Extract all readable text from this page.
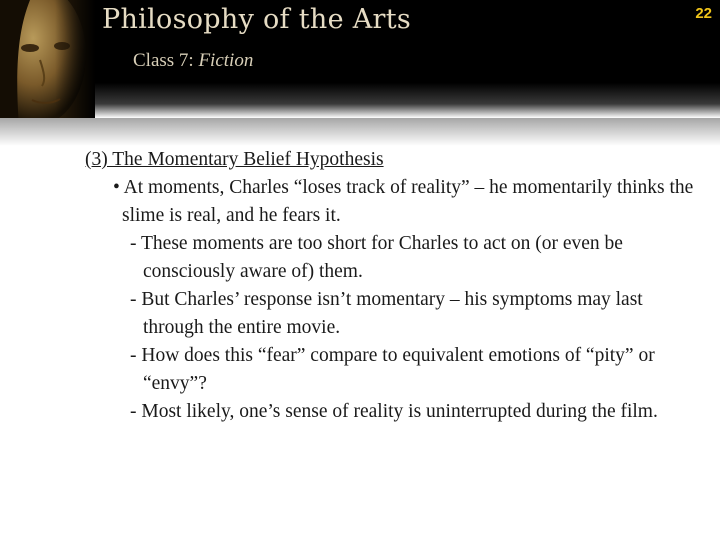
Philosophy of the Arts
Class 7: Fiction
22
(3) The Momentary Belief Hypothesis
• At moments, Charles “loses track of reality” – he momentarily thinks the slime is real, and he fears it.
- These moments are too short for Charles to act on (or even be consciously aware of) them.
- But Charles’ response isn’t momentary – his symptoms may last through the entire movie.
- How does this “fear” compare to equivalent emotions of “pity” or “envy”?
- Most likely, one’s sense of reality is uninterrupted during the film.
